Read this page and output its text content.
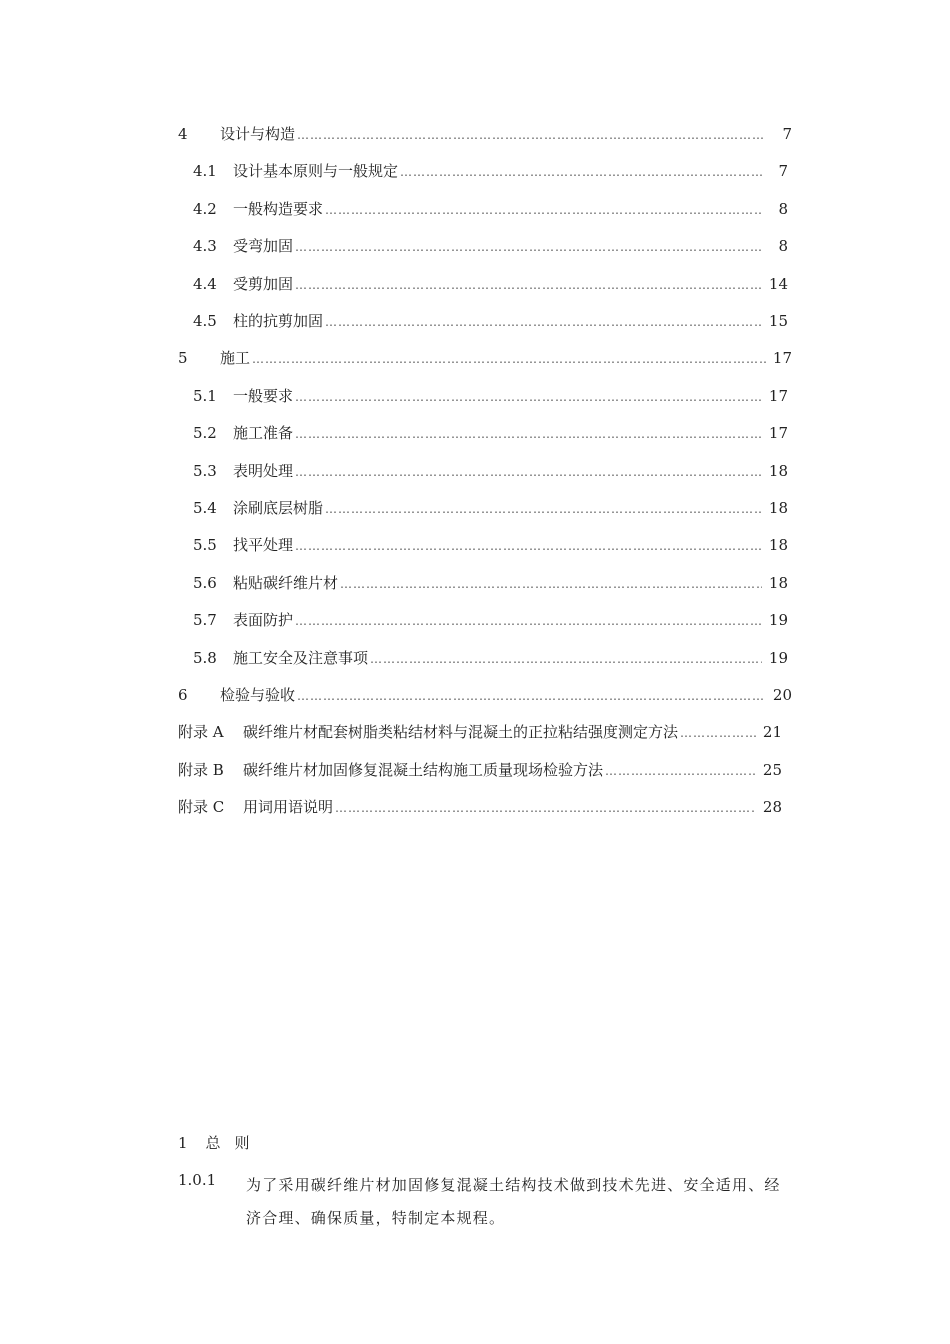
4	设计与构造 ……………………………………………………………………………………………………………………………………………………	7
4.1	设计基本原则与一般规定 ……………………………………………………………………………………………………………………………………………………	7
4.2	一般构造要求 ……………………………………………………………………………………………………………………………………………………	8
4.3	受弯加固 ……………………………………………………………………………………………………………………………………………………	8
4.4	受剪加固 ……………………………………………………………………………………………………………………………………………………	14
4.5	柱的抗剪加固 ……………………………………………………………………………………………………………………………………………………	15
5	施工 ……………………………………………………………………………………………………………………………………………………	17
5.1	一般要求 ……………………………………………………………………………………………………………………………………………………	17
5.2	施工准备 ……………………………………………………………………………………………………………………………………………………	17
5.3	表明处理 ……………………………………………………………………………………………………………………………………………………	18
5.4	涂刷底层树脂 ……………………………………………………………………………………………………………………………………………………	18
5.5	找平处理 ……………………………………………………………………………………………………………………………………………………	18
5.6	粘贴碳纤维片材 ……………………………………………………………………………………………………………………………………………………	18
5.7	表面防护 ……………………………………………………………………………………………………………………………………………………	19
5.8	施工安全及注意事项 ……………………………………………………………………………………………………………………………………………………	19
6	检验与验收 ……………………………………………………………………………………………………………………………………………………	20
附录 A	碳纤维片材配套树脂类粘结材料与混凝土的正拉粘结强度测定方法 ……………………………………………………………………………………………………………………………………………………	21
附录 B	碳纤维片材加固修复混凝土结构施工质量现场检验方法 ……………………………………………………………………………………………………………………………………………………	25
附录 C	用词用语说明 ……………………………………………………………………………………………………………………………………………………	28
1 总则
1.0.1 为了采用碳纤维片材加固修复混凝土结构技术做到技术先进、安全适用、经
济合理、确保质量，特制定本规程。
